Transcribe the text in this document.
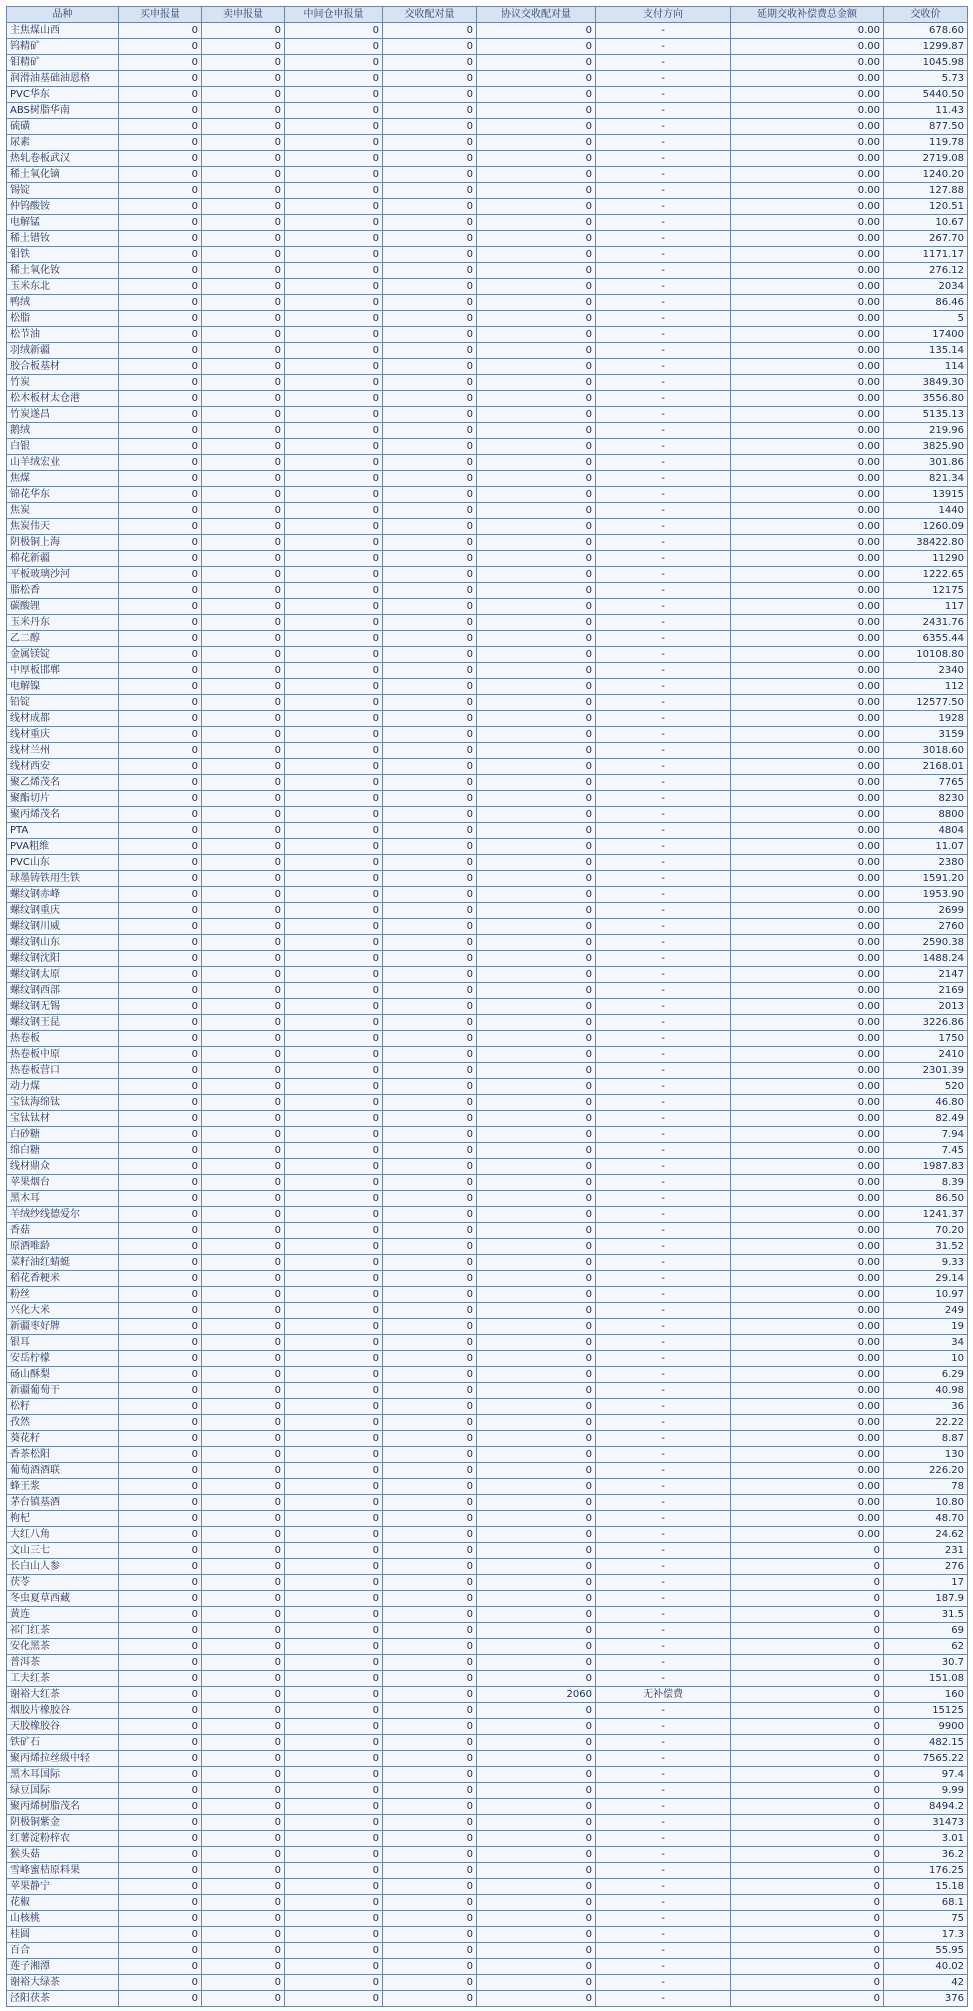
品种	买申报量	卖申报量	中间仓申报量	交收配对量	协议交收配对量	支付方向	延期交收补偿费总金额	交收价
主焦煤山西	0	0	0	0	0	-	0.00	678.60
钨精矿	0	0	0	0	0	-	0.00	1299.87
钼精矿	0	0	0	0	0	-	0.00	1045.98
润滑油基础油恩格	0	0	0	0	0	-	0.00	5.73
PVC华东	0	0	0	0	0	-	0.00	5440.50
ABS树脂华南	0	0	0	0	0	-	0.00	11.43
硫磺	0	0	0	0	0	-	0.00	877.50
尿素	0	0	0	0	0	-	0.00	119.78
热轧卷板武汉	0	0	0	0	0	-	0.00	2719.08
稀土氧化镝	0	0	0	0	0	-	0.00	1240.20
锡锭	0	0	0	0	0	-	0.00	127.88
仲钨酸铵	0	0	0	0	0	-	0.00	120.51
电解锰	0	0	0	0	0	-	0.00	10.67
稀土镨钕	0	0	0	0	0	-	0.00	267.70
钼铁	0	0	0	0	0	-	0.00	1171.17
稀土氧化钕	0	0	0	0	0	-	0.00	276.12
玉米东北	0	0	0	0	0	-	0.00	2034
鸭绒	0	0	0	0	0	-	0.00	86.46
松脂	0	0	0	0	0	-	0.00	5
松节油	0	0	0	0	0	-	0.00	17400
羽绒新疆	0	0	0	0	0	-	0.00	135.14
胶合板基材	0	0	0	0	0	-	0.00	114
竹炭	0	0	0	0	0	-	0.00	3849.30
松木板材太仓港	0	0	0	0	0	-	0.00	3556.80
竹炭遂昌	0	0	0	0	0	-	0.00	5135.13
鹅绒	0	0	0	0	0	-	0.00	219.96
白银	0	0	0	0	0	-	0.00	3825.90
山羊绒宏业	0	0	0	0	0	-	0.00	301.86
焦煤	0	0	0	0	0	-	0.00	821.34
锦花华东	0	0	0	0	0	-	0.00	13915
焦炭	0	0	0	0	0	-	0.00	1440
焦炭伟天	0	0	0	0	0	-	0.00	1260.09
阴极铜上海	0	0	0	0	0	-	0.00	38422.80
棉花新疆	0	0	0	0	0	-	0.00	11290
平板玻璃沙河	0	0	0	0	0	-	0.00	1222.65
脂松香	0	0	0	0	0	-	0.00	12175
碳酸锂	0	0	0	0	0	-	0.00	117
玉米丹东	0	0	0	0	0	-	0.00	2431.76
乙二醇	0	0	0	0	0	-	0.00	6355.44
金属镁锭	0	0	0	0	0	-	0.00	10108.80
中厚板邯郸	0	0	0	0	0	-	0.00	2340
电解镍	0	0	0	0	0	-	0.00	112
铅锭	0	0	0	0	0	-	0.00	12577.50
线材成都	0	0	0	0	0	-	0.00	1928
线材重庆	0	0	0	0	0	-	0.00	3159
线材兰州	0	0	0	0	0	-	0.00	3018.60
线材西安	0	0	0	0	0	-	0.00	2168.01
聚乙烯茂名	0	0	0	0	0	-	0.00	7765
聚酯切片	0	0	0	0	0	-	0.00	8230
聚丙烯茂名	0	0	0	0	0	-	0.00	8800
PTA	0	0	0	0	0	-	0.00	4804
PVA粗维	0	0	0	0	0	-	0.00	11.07
PVC山东	0	0	0	0	0	-	0.00	2380
球墨铸铁用生铁	0	0	0	0	0	-	0.00	1591.20
螺纹钢赤峰	0	0	0	0	0	-	0.00	1953.90
螺纹钢重庆	0	0	0	0	0	-	0.00	2699
螺纹钢川威	0	0	0	0	0	-	0.00	2760
螺纹钢山东	0	0	0	0	0	-	0.00	2590.38
螺纹钢沈阳	0	0	0	0	0	-	0.00	1488.24
螺纹钢太原	0	0	0	0	0	-	0.00	2147
螺纹钢西部	0	0	0	0	0	-	0.00	2169
螺纹钢无锡	0	0	0	0	0	-	0.00	2013
螺纹钢王昆	0	0	0	0	0	-	0.00	3226.86
热卷板	0	0	0	0	0	-	0.00	1750
热卷板中原	0	0	0	0	0	-	0.00	2410
热卷板营口	0	0	0	0	0	-	0.00	2301.39
动力煤	0	0	0	0	0	-	0.00	520
宝钛海绵钛	0	0	0	0	0	-	0.00	46.80
宝钛钛材	0	0	0	0	0	-	0.00	82.49
白砂糖	0	0	0	0	0	-	0.00	7.94
绵白糖	0	0	0	0	0	-	0.00	7.45
线材鼎众	0	0	0	0	0	-	0.00	1987.83
苹果烟台	0	0	0	0	0	-	0.00	8.39
黑木耳	0	0	0	0	0	-	0.00	86.50
羊绒纱线德爱尔	0	0	0	0	0	-	0.00	1241.37
香菇	0	0	0	0	0	-	0.00	70.20
原酒唯龄	0	0	0	0	0	-	0.00	31.52
菜籽油红蜻蜓	0	0	0	0	0	-	0.00	9.33
稻花香粳米	0	0	0	0	0	-	0.00	29.14
粉丝	0	0	0	0	0	-	0.00	10.97
兴化大米	0	0	0	0	0	-	0.00	249
新疆枣好牌	0	0	0	0	0	-	0.00	19
银耳	0	0	0	0	0	-	0.00	34
安岳柠檬	0	0	0	0	0	-	0.00	10
砀山酥梨	0	0	0	0	0	-	0.00	6.29
新疆葡萄干	0	0	0	0	0	-	0.00	40.98
松籽	0	0	0	0	0	-	0.00	36
孜然	0	0	0	0	0	-	0.00	22.22
葵花籽	0	0	0	0	0	-	0.00	8.87
香茶松阳	0	0	0	0	0	-	0.00	130
葡萄酒酒联	0	0	0	0	0	-	0.00	226.20
蜂王浆	0	0	0	0	0	-	0.00	78
茅台镇基酒	0	0	0	0	0	-	0.00	10.80
枸杞	0	0	0	0	0	-	0.00	48.70
大红八角	0	0	0	0	0	-	0.00	24.62
文山三七	0	0	0	0	0	-	0	231
长白山人参	0	0	0	0	0	-	0	276
茯苓	0	0	0	0	0	-	0	17
冬虫夏草西藏	0	0	0	0	0	-	0	187.9
黄连	0	0	0	0	0	-	0	31.5
祁门红茶	0	0	0	0	0	-	0	69
安化黑茶	0	0	0	0	0	-	0	62
普洱茶	0	0	0	0	0	-	0	30.7
工夫红茶	0	0	0	0	0	-	0	151.08
谢裕大红茶	0	0	0	0	2060	无补偿费	0	160
烟胶片橡胶谷	0	0	0	0	0	-	0	15125
天胶橡胶谷	0	0	0	0	0	-	0	9900
铁矿石	0	0	0	0	0	-	0	482.15
聚丙烯拉丝级中轻	0	0	0	0	0	-	0	7565.22
黑木耳国际	0	0	0	0	0	-	0	97.4
绿豆国际	0	0	0	0	0	-	0	9.99
聚丙烯树脂茂名	0	0	0	0	0	-	0	8494.2
阴极铜紫金	0	0	0	0	0	-	0	31473
红薯淀粉梓农	0	0	0	0	0	-	0	3.01
猴头菇	0	0	0	0	0	-	0	36.2
雪峰蜜桔原料果	0	0	0	0	0	-	0	176.25
苹果静宁	0	0	0	0	0	-	0	15.18
花椒	0	0	0	0	0	-	0	68.1
山核桃	0	0	0	0	0	-	0	75
桂圆	0	0	0	0	0	-	0	17.3
百合	0	0	0	0	0	-	0	55.95
莲子湘潭	0	0	0	0	0	-	0	40.02
谢裕大绿茶	0	0	0	0	0	-	0	42
泾阳茯茶	0	0	0	0	0	-	0	376
